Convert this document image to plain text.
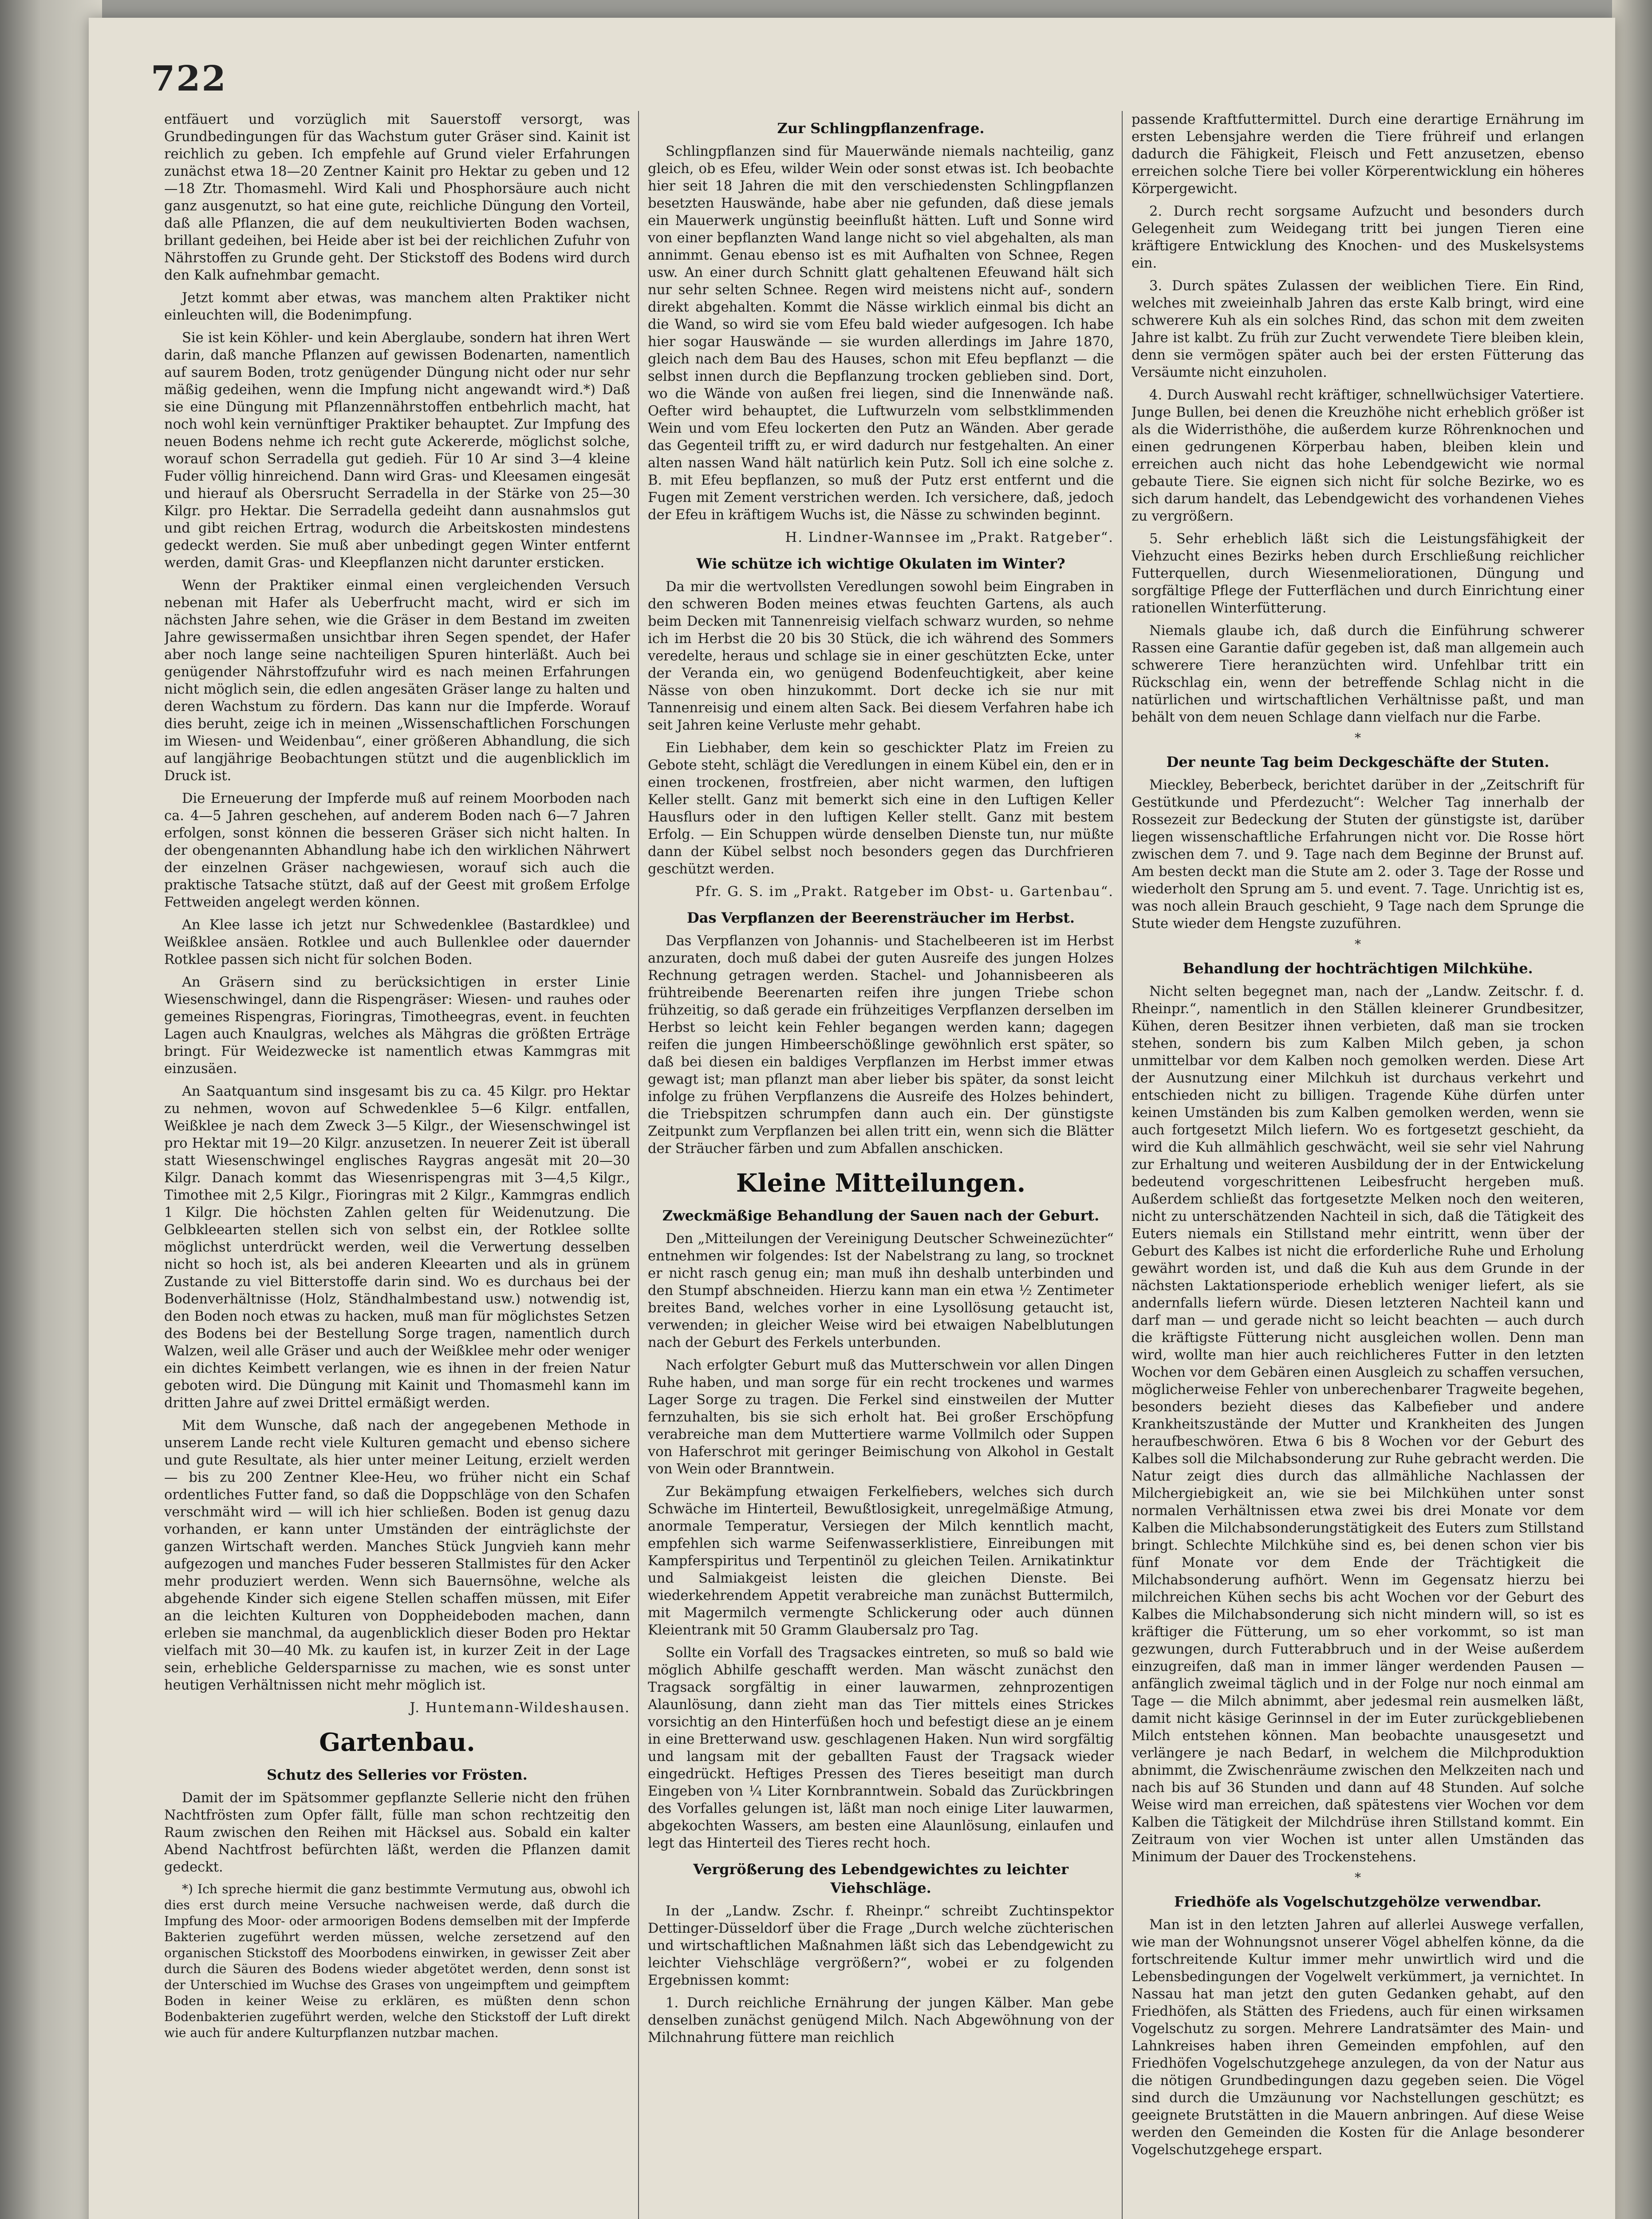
722

entfäuert und vorzüglich mit Sauerstoff versorgt, was Grundbedingungen für das Wachstum guter Gräser sind. Kainit ist reichlich zu geben. Ich empfehle auf Grund vieler Erfahrungen zunächst etwa 18—20 Zentner Kainit pro Hektar zu geben und 12—18 Ztr. Thomasmehl. Wird Kali und Phosphorsäure auch nicht ganz ausgenutzt, so hat eine gute, reichliche Düngung den Vorteil, daß alle Pflanzen, die auf dem neukultivierten Boden wachsen, brillant gedeihen, bei Heide aber ist bei der reichlichen Zufuhr von Nährstoffen zu Grunde geht. Der Stickstoff des Bodens wird durch den Kalk aufnehmbar gemacht.

Jetzt kommt aber etwas, was manchem alten Praktiker nicht einleuchten will, die Bodenimpfung.

Sie ist kein Köhler- und kein Aberglaube, sondern hat ihren Wert darin, daß manche Pflanzen auf gewissen Bodenarten, namentlich auf saurem Boden, trotz genügender Düngung nicht oder nur sehr mäßig gedeihen, wenn die Impfung nicht angewandt wird.*) Daß sie eine Düngung mit Pflanzennährstoffen entbehrlich macht, hat noch wohl kein vernünftiger Praktiker behauptet. Zur Impfung des neuen Bodens nehme ich recht gute Ackererde, möglichst solche, worauf schon Serradella gut gedieh. Für 10 Ar sind 3—4 kleine Fuder völlig hinreichend. Dann wird Gras- und Kleesamen eingesät und hierauf als Obersrucht Serradella in der Stärke von 25—30 Kilgr. pro Hektar. Die Serradella gedeiht dann ausnahmslos gut und gibt reichen Ertrag, wodurch die Arbeitskosten mindestens gedeckt werden. Sie muß aber unbedingt gegen Winter entfernt werden, damit Gras- und Kleepflanzen nicht darunter ersticken.

Wenn der Praktiker einmal einen vergleichenden Versuch nebenan mit Hafer als Ueberfrucht macht, wird er sich im nächsten Jahre sehen, wie die Gräser in dem Bestand im zweiten Jahre gewissermaßen unsichtbar ihren Segen spendet, der Hafer aber noch lange seine nachteiligen Spuren hinterläßt. Auch bei genügender Nährstoffzufuhr wird es nach meinen Erfahrungen nicht möglich sein, die edlen angesäten Gräser lange zu halten und deren Wachstum zu fördern. Das kann nur die Impferde. Worauf dies beruht, zeige ich in meinen „Wissenschaftlichen Forschungen im Wiesen- und Weidenbau“, einer größeren Abhandlung, die sich auf langjährige Beobachtungen stützt und die augenblicklich im Druck ist.

Die Erneuerung der Impferde muß auf reinem Moorboden nach ca. 4—5 Jahren geschehen, auf anderem Boden nach 6—7 Jahren erfolgen, sonst können die besseren Gräser sich nicht halten. In der obengenannten Abhandlung habe ich den wirklichen Nährwert der einzelnen Gräser nachgewiesen, worauf sich auch die praktische Tatsache stützt, daß auf der Geest mit großem Erfolge Fettweiden angelegt werden können.

An Klee lasse ich jetzt nur Schwedenklee (Bastardklee) und Weißklee ansäen. Rotklee und auch Bullenklee oder dauernder Rotklee passen sich nicht für solchen Boden.

An Gräsern sind zu berücksichtigen in erster Linie Wiesenschwingel, dann die Rispengräser: Wiesen- und rauhes oder gemeines Rispengras, Fioringras, Timotheegras, event. in feuchten Lagen auch Knaulgras, welches als Mähgras die größten Erträge bringt. Für Weidezwecke ist namentlich etwas Kammgras mit einzusäen.

An Saatquantum sind insgesamt bis zu ca. 45 Kilgr. pro Hektar zu nehmen, wovon auf Schwedenklee 5—6 Kilgr. entfallen, Weißklee je nach dem Zweck 3—5 Kilgr., der Wiesenschwingel ist pro Hektar mit 19—20 Kilgr. anzusetzen. In neuerer Zeit ist überall statt Wiesenschwingel englisches Raygras angesät mit 20—30 Kilgr. Danach kommt das Wiesenrispengras mit 3—4,5 Kilgr., Timothee mit 2,5 Kilgr., Fioringras mit 2 Kilgr., Kammgras endlich 1 Kilgr. Die höchsten Zahlen gelten für Weidenutzung. Die Gelbkleearten stellen sich von selbst ein, der Rotklee sollte möglichst unterdrückt werden, weil die Verwertung desselben nicht so hoch ist, als bei anderen Kleearten und als in grünem Zustande zu viel Bitterstoffe darin sind. Wo es durchaus bei der Bodenverhältnisse (Holz, Ständhalmbestand usw.) notwendig ist, den Boden noch etwas zu hacken, muß man für möglichstes Setzen des Bodens bei der Bestellung Sorge tragen, namentlich durch Walzen, weil alle Gräser und auch der Weißklee mehr oder weniger ein dichtes Keimbett verlangen, wie es ihnen in der freien Natur geboten wird. Die Düngung mit Kainit und Thomasmehl kann im dritten Jahre auf zwei Drittel ermäßigt werden.

Mit dem Wunsche, daß nach der angegebenen Methode in unserem Lande recht viele Kulturen gemacht und ebenso sichere und gute Resultate, als hier unter meiner Leitung, erzielt werden — bis zu 200 Zentner Klee-Heu, wo früher nicht ein Schaf ordentliches Futter fand, so daß die Doppschläge von den Schafen verschmäht wird — will ich hier schließen. Boden ist genug dazu vorhanden, er kann unter Umständen der einträglichste der ganzen Wirtschaft werden. Manches Stück Jungvieh kann mehr aufgezogen und manches Fuder besseren Stallmistes für den Acker mehr produziert werden. Wenn sich Bauernsöhne, welche als abgehende Kinder sich eigene Stellen schaffen müssen, mit Eifer an die leichten Kulturen von Doppheideboden machen, dann erleben sie manchmal, da augenblicklich dieser Boden pro Hektar vielfach mit 30—40 Mk. zu kaufen ist, in kurzer Zeit in der Lage sein, erhebliche Geldersparnisse zu machen, wie es sonst unter heutigen Verhältnissen nicht mehr möglich ist.

J. Huntemann-Wildeshausen.
Gartenbau.
Schutz des Selleries vor Frösten.

Damit der im Spätsommer gepflanzte Sellerie nicht den frühen Nachtfrösten zum Opfer fällt, fülle man schon rechtzeitig den Raum zwischen den Reihen mit Häcksel aus. Sobald ein kalter Abend Nachtfrost befürchten läßt, werden die Pflanzen damit gedeckt.

*) Ich spreche hiermit die ganz bestimmte Vermutung aus, obwohl ich dies erst durch meine Versuche nachweisen werde, daß durch die Impfung des Moor- oder armoorigen Bodens demselben mit der Impferde Bakterien zugeführt werden müssen, welche zersetzend auf den organischen Stickstoff des Moorbodens einwirken, in gewisser Zeit aber durch die Säuren des Bodens wieder abgetötet werden, denn sonst ist der Unterschied im Wuchse des Grases von ungeimpftem und geimpftem Boden in keiner Weise zu erklären, es müßten denn schon Bodenbakterien zugeführt werden, welche den Stickstoff der Luft direkt wie auch für andere Kulturpflanzen nutzbar machen.

Zur Schlingpflanzenfrage.

Schlingpflanzen sind für Mauerwände niemals nachteilig, ganz gleich, ob es Efeu, wilder Wein oder sonst etwas ist. Ich beobachte hier seit 18 Jahren die mit den verschiedensten Schlingpflanzen besetzten Hauswände, habe aber nie gefunden, daß diese jemals ein Mauerwerk ungünstig beeinflußt hätten. Luft und Sonne wird von einer bepflanzten Wand lange nicht so viel abgehalten, als man annimmt. Genau ebenso ist es mit Aufhalten von Schnee, Regen usw. An einer durch Schnitt glatt gehaltenen Efeuwand hält sich nur sehr selten Schnee. Regen wird meistens nicht auf-, sondern direkt abgehalten. Kommt die Nässe wirklich einmal bis dicht an die Wand, so wird sie vom Efeu bald wieder aufgesogen. Ich habe hier sogar Hauswände — sie wurden allerdings im Jahre 1870, gleich nach dem Bau des Hauses, schon mit Efeu bepflanzt — die selbst innen durch die Bepflanzung trocken geblieben sind. Dort, wo die Wände von außen frei liegen, sind die Innenwände naß. Oefter wird behauptet, die Luftwurzeln vom selbstklimmenden Wein und vom Efeu lockerten den Putz an Wänden. Aber gerade das Gegenteil trifft zu, er wird dadurch nur festgehalten. An einer alten nassen Wand hält natürlich kein Putz. Soll ich eine solche z. B. mit Efeu bepflanzen, so muß der Putz erst entfernt und die Fugen mit Zement verstrichen werden. Ich versichere, daß, jedoch der Efeu in kräftigem Wuchs ist, die Nässe zu schwinden beginnt.

H. Lindner-Wannsee im „Prakt. Ratgeber“.
Wie schütze ich wichtige Okulaten im Winter?

Da mir die wertvollsten Veredlungen sowohl beim Eingraben in den schweren Boden meines etwas feuchten Gartens, als auch beim Decken mit Tannenreisig vielfach schwarz wurden, so nehme ich im Herbst die 20 bis 30 Stück, die ich während des Sommers veredelte, heraus und schlage sie in einer geschützten Ecke, unter der Veranda ein, wo genügend Bodenfeuchtigkeit, aber keine Nässe von oben hinzukommt. Dort decke ich sie nur mit Tannenreisig und einem alten Sack. Bei diesem Verfahren habe ich seit Jahren keine Verluste mehr gehabt.

Ein Liebhaber, dem kein so geschickter Platz im Freien zu Gebote steht, schlägt die Veredlungen in einem Kübel ein, den er in einen trockenen, frostfreien, aber nicht warmen, den luftigen Keller stellt. Ganz mit bemerkt sich eine in den Luftigen Keller Hausflurs oder in den luftigen Keller stellt. Ganz mit bestem Erfolg. — Ein Schuppen würde denselben Dienste tun, nur müßte dann der Kübel selbst noch besonders gegen das Durchfrieren geschützt werden.

Pfr. G. S. im „Prakt. Ratgeber im Obst- u. Gartenbau“.
Das Verpflanzen der Beerensträucher im Herbst.

Das Verpflanzen von Johannis- und Stachelbeeren ist im Herbst anzuraten, doch muß dabei der guten Ausreife des jungen Holzes Rechnung getragen werden. Stachel- und Johannisbeeren als frühtreibende Beerenarten reifen ihre jungen Triebe schon frühzeitig, so daß gerade ein frühzeitiges Verpflanzen derselben im Herbst so leicht kein Fehler begangen werden kann; dagegen reifen die jungen Himbeerschößlinge gewöhnlich erst später, so daß bei diesen ein baldiges Verpflanzen im Herbst immer etwas gewagt ist; man pflanzt man aber lieber bis später, da sonst leicht infolge zu frühen Verpflanzens die Ausreife des Holzes behindert, die Triebspitzen schrumpfen dann auch ein. Der günstigste Zeitpunkt zum Verpflanzen bei allen tritt ein, wenn sich die Blätter der Sträucher färben und zum Abfallen anschicken.

Kleine Mitteilungen.
Zweckmäßige Behandlung der Sauen nach der Geburt.

Den „Mitteilungen der Vereinigung Deutscher Schweinezüchter“ entnehmen wir folgendes: Ist der Nabelstrang zu lang, so trocknet er nicht rasch genug ein; man muß ihn deshalb unterbinden und den Stumpf abschneiden. Hierzu kann man ein etwa ½ Zentimeter breites Band, welches vorher in eine Lysollösung getaucht ist, verwenden; in gleicher Weise wird bei etwaigen Nabelblutungen nach der Geburt des Ferkels unterbunden.

Nach erfolgter Geburt muß das Mutterschwein vor allen Dingen Ruhe haben, und man sorge für ein recht trockenes und warmes Lager Sorge zu tragen. Die Ferkel sind einstweilen der Mutter fernzuhalten, bis sie sich erholt hat. Bei großer Erschöpfung verabreiche man dem Muttertiere warme Vollmilch oder Suppen von Haferschrot mit geringer Beimischung von Alkohol in Gestalt von Wein oder Branntwein.

Zur Bekämpfung etwaigen Ferkelfiebers, welches sich durch Schwäche im Hinterteil, Bewußtlosigkeit, unregelmäßige Atmung, anormale Temperatur, Versiegen der Milch kenntlich macht, empfehlen sich warme Seifenwasserklistiere, Einreibungen mit Kampferspiritus und Terpentinöl zu gleichen Teilen. Arnikatinktur und Salmiakgeist leisten die gleichen Dienste. Bei wiederkehrendem Appetit verabreiche man zunächst Buttermilch, mit Magermilch vermengte Schlickerung oder auch dünnen Kleientrank mit 50 Gramm Glaubersalz pro Tag.

Sollte ein Vorfall des Tragsackes eintreten, so muß so bald wie möglich Abhilfe geschafft werden. Man wäscht zunächst den Tragsack sorgfältig in einer lauwarmen, zehnprozentigen Alaunlösung, dann zieht man das Tier mittels eines Strickes vorsichtig an den Hinterfüßen hoch und befestigt diese an je einem in eine Bretterwand usw. geschlagenen Haken. Nun wird sorgfältig und langsam mit der geballten Faust der Tragsack wieder eingedrückt. Heftiges Pressen des Tieres beseitigt man durch Eingeben von ¼ Liter Kornbranntwein. Sobald das Zurückbringen des Vorfalles gelungen ist, läßt man noch einige Liter lauwarmen, abgekochten Wassers, am besten eine Alaunlösung, einlaufen und legt das Hinterteil des Tieres recht hoch.

Vergrößerung des Lebendgewichtes zu leichter Viehschläge.

In der „Landw. Zschr. f. Rheinpr.“ schreibt Zuchtinspektor Dettinger-Düsseldorf über die Frage „Durch welche züchterischen und wirtschaftlichen Maßnahmen läßt sich das Lebendgewicht zu leichter Viehschläge vergrößern?“, wobei er zu folgenden Ergebnissen kommt:

1. Durch reichliche Ernährung der jungen Kälber. Man gebe denselben zunächst genügend Milch. Nach Abgewöhnung von der Milchnahrung füttere man reichlich

passende Kraftfuttermittel. Durch eine derartige Ernährung im ersten Lebensjahre werden die Tiere frühreif und erlangen dadurch die Fähigkeit, Fleisch und Fett anzusetzen, ebenso erreichen solche Tiere bei voller Körperentwicklung ein höheres Körpergewicht.

2. Durch recht sorgsame Aufzucht und besonders durch Gelegenheit zum Weidegang tritt bei jungen Tieren eine kräftigere Entwicklung des Knochen- und des Muskelsystems ein.

3. Durch spätes Zulassen der weiblichen Tiere. Ein Rind, welches mit zweieinhalb Jahren das erste Kalb bringt, wird eine schwerere Kuh als ein solches Rind, das schon mit dem zweiten Jahre ist kalbt. Zu früh zur Zucht verwendete Tiere bleiben klein, denn sie vermögen später auch bei der ersten Fütterung das Versäumte nicht einzuholen.

4. Durch Auswahl recht kräftiger, schnellwüchsiger Vatertiere. Junge Bullen, bei denen die Kreuzhöhe nicht erheblich größer ist als die Widerristhöhe, die außerdem kurze Röhrenknochen und einen gedrungenen Körperbau haben, bleiben klein und erreichen auch nicht das hohe Lebendgewicht wie normal gebaute Tiere. Sie eignen sich nicht für solche Bezirke, wo es sich darum handelt, das Lebendgewicht des vorhandenen Viehes zu vergrößern.

5. Sehr erheblich läßt sich die Leistungsfähigkeit der Viehzucht eines Bezirks heben durch Erschließung reichlicher Futterquellen, durch Wiesenmeliorationen, Düngung und sorgfältige Pflege der Futterflächen und durch Einrichtung einer rationellen Winterfütterung.

Niemals glaube ich, daß durch die Einführung schwerer Rassen eine Garantie dafür gegeben ist, daß man allgemein auch schwerere Tiere heranzüchten wird. Unfehlbar tritt ein Rückschlag ein, wenn der betreffende Schlag nicht in die natürlichen und wirtschaftlichen Verhältnisse paßt, und man behält von dem neuen Schlage dann vielfach nur die Farbe.

*
Der neunte Tag beim Deckgeschäfte der Stuten.

Mieckley, Beberbeck, berichtet darüber in der „Zeitschrift für Gestütkunde und Pferdezucht“: Welcher Tag innerhalb der Rossezeit zur Bedeckung der Stuten der günstigste ist, darüber liegen wissenschaftliche Erfahrungen nicht vor. Die Rosse hört zwischen dem 7. und 9. Tage nach dem Beginne der Brunst auf. Am besten deckt man die Stute am 2. oder 3. Tage der Rosse und wiederholt den Sprung am 5. und event. 7. Tage. Unrichtig ist es, was noch allein Brauch geschieht, 9 Tage nach dem Sprunge die Stute wieder dem Hengste zuzuführen.

*
Behandlung der hochträchtigen Milchkühe.

Nicht selten begegnet man, nach der „Landw. Zeitschr. f. d. Rheinpr.“, namentlich in den Ställen kleinerer Grundbesitzer, Kühen, deren Besitzer ihnen verbieten, daß man sie trocken stehen, sondern bis zum Kalben Milch geben, ja schon unmittelbar vor dem Kalben noch gemolken werden. Diese Art der Ausnutzung einer Milchkuh ist durchaus verkehrt und entschieden nicht zu billigen. Tragende Kühe dürfen unter keinen Umständen bis zum Kalben gemolken werden, wenn sie auch fortgesetzt Milch liefern. Wo es fortgesetzt geschieht, da wird die Kuh allmählich geschwächt, weil sie sehr viel Nahrung zur Erhaltung und weiteren Ausbildung der in der Entwickelung bedeutend vorgeschrittenen Leibesfrucht hergeben muß. Außerdem schließt das fortgesetzte Melken noch den weiteren, nicht zu unterschätzenden Nachteil in sich, daß die Tätigkeit des Euters niemals ein Stillstand mehr eintritt, wenn über der Geburt des Kalbes ist nicht die erforderliche Ruhe und Erholung gewährt worden ist, und daß die Kuh aus dem Grunde in der nächsten Laktationsperiode erheblich weniger liefert, als sie andernfalls liefern würde. Diesen letzteren Nachteil kann und darf man — und gerade nicht so leicht beachten — auch durch die kräftigste Fütterung nicht ausgleichen wollen. Denn man wird, wollte man hier auch reichlicheres Futter in den letzten Wochen vor dem Gebären einen Ausgleich zu schaffen versuchen, möglicherweise Fehler von unberechenbarer Tragweite begehen, besonders bezieht dieses das Kalbefieber und andere Krankheitszustände der Mutter und Krankheiten des Jungen heraufbeschwören. Etwa 6 bis 8 Wochen vor der Geburt des Kalbes soll die Milchabsonderung zur Ruhe gebracht werden. Die Natur zeigt dies durch das allmähliche Nachlassen der Milchergiebigkeit an, wie sie bei Milchkühen unter sonst normalen Verhältnissen etwa zwei bis drei Monate vor dem Kalben die Milchabsonderungstätigkeit des Euters zum Stillstand bringt. Schlechte Milchkühe sind es, bei denen schon vier bis fünf Monate vor dem Ende der Trächtigkeit die Milchabsonderung aufhört. Wenn im Gegensatz hierzu bei milchreichen Kühen sechs bis acht Wochen vor der Geburt des Kalbes die Milchabsonderung sich nicht mindern will, so ist es kräftiger die Fütterung, um so eher vorkommt, so ist man gezwungen, durch Futterabbruch und in der Weise außerdem einzugreifen, daß man in immer länger werdenden Pausen — anfänglich zweimal täglich und in der Folge nur noch einmal am Tage — die Milch abnimmt, aber jedesmal rein ausmelken läßt, damit nicht käsige Gerinnsel in der im Euter zurückgebliebenen Milch entstehen können. Man beobachte unausgesetzt und verlängere je nach Bedarf, in welchem die Milchproduktion abnimmt, die Zwischenräume zwischen den Melkzeiten nach und nach bis auf 36 Stunden und dann auf 48 Stunden. Auf solche Weise wird man erreichen, daß spätestens vier Wochen vor dem Kalben die Tätigkeit der Milchdrüse ihren Stillstand kommt. Ein Zeitraum von vier Wochen ist unter allen Umständen das Minimum der Dauer des Trockenstehens.

*
Friedhöfe als Vogelschutzgehölze verwendbar.

Man ist in den letzten Jahren auf allerlei Auswege verfallen, wie man der Wohnungsnot unserer Vögel abhelfen könne, da die fortschreitende Kultur immer mehr unwirtlich wird und die Lebensbedingungen der Vogelwelt verkümmert, ja vernichtet. In Nassau hat man jetzt den guten Gedanken gehabt, auf den Friedhöfen, als Stätten des Friedens, auch für einen wirksamen Vogelschutz zu sorgen. Mehrere Landratsämter des Main- und Lahnkreises haben ihren Gemeinden empfohlen, auf den Friedhöfen Vogelschutzgehege anzulegen, da von der Natur aus die nötigen Grundbedingungen dazu gegeben seien. Die Vögel sind durch die Umzäunung vor Nachstellungen geschützt; es geeignete Brutstätten in die Mauern anbringen. Auf diese Weise werden den Gemeinden die Kosten für die Anlage besonderer Vogelschutzgehege erspart.
